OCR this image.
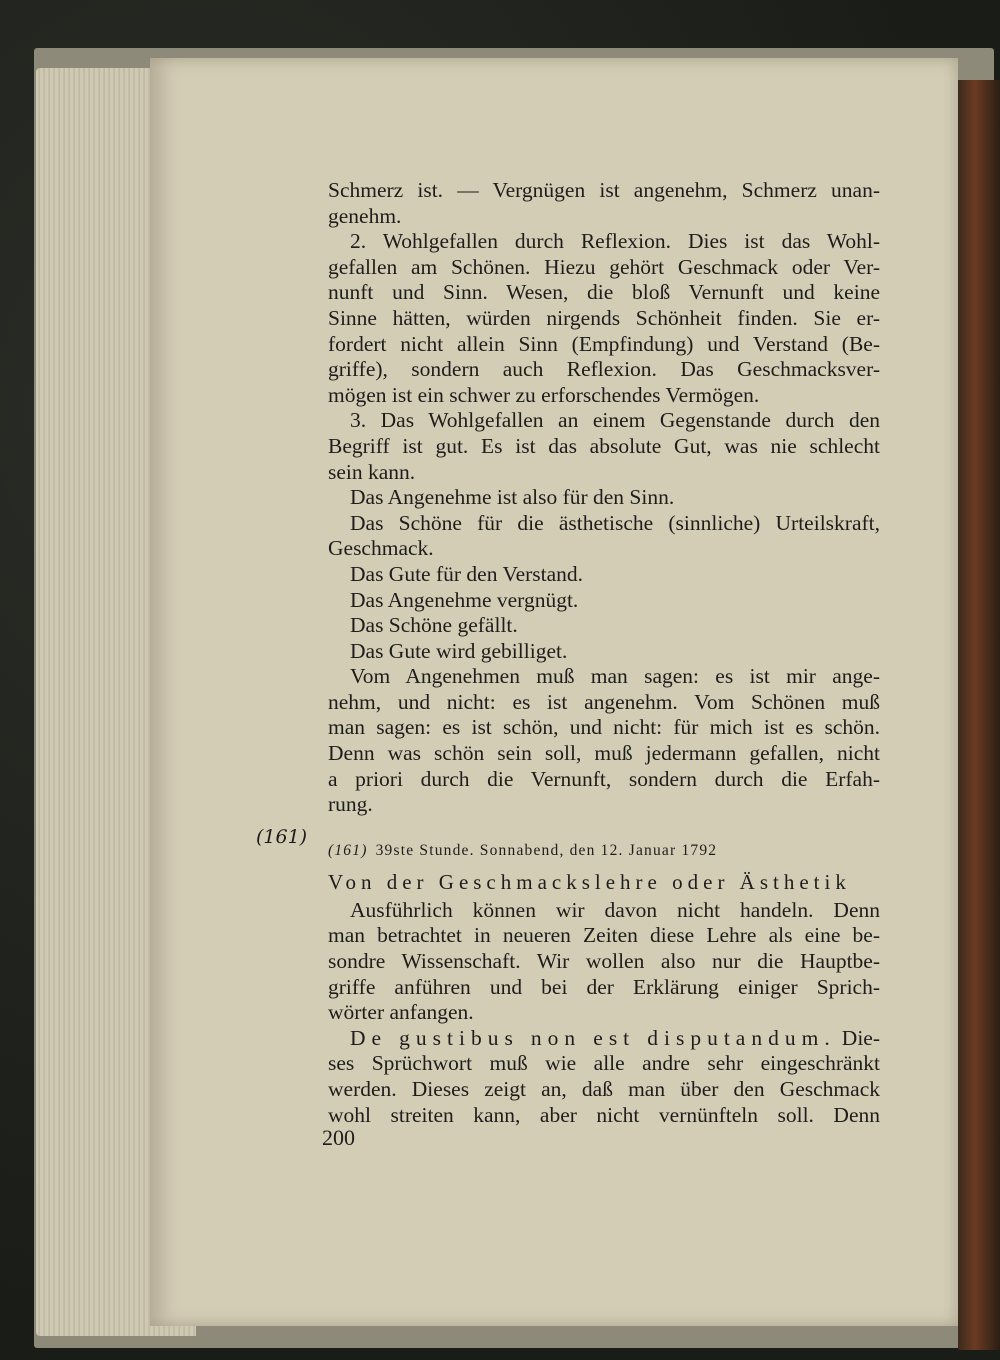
(161)
Schmerz ist. — Vergnügen ist angenehm, Schmerz unan-
genehm.
2. Wohlgefallen durch Reflexion. Dies ist das Wohl-
gefallen am Schönen. Hiezu gehört Geschmack oder Ver-
nunft und Sinn. Wesen, die bloß Vernunft und keine
Sinne hätten, würden nirgends Schönheit finden. Sie er-
fordert nicht allein Sinn (Empfindung) und Verstand (Be-
griffe), sondern auch Reflexion. Das Geschmacksver-
mögen ist ein schwer zu erforschendes Vermögen.
3. Das Wohlgefallen an einem Gegenstande durch den
Begriff ist gut. Es ist das absolute Gut, was nie schlecht
sein kann.
Das Angenehme ist also für den Sinn.
Das Schöne für die ästhetische (sinnliche) Urteilskraft,
Geschmack.
Das Gute für den Verstand.
Das Angenehme vergnügt.
Das Schöne gefällt.
Das Gute wird gebilliget.
Vom Angenehmen muß man sagen: es ist mir ange-
nehm, und nicht: es ist angenehm. Vom Schönen muß
man sagen: es ist schön, und nicht: für mich ist es schön.
Denn was schön sein soll, muß jedermann gefallen, nicht
a priori durch die Vernunft, sondern durch die Erfah-
rung.
(161) 39ste Stunde. Sonnabend, den 12. Januar 1792
Von der Geschmackslehre oder Ästhetik
Ausführlich können wir davon nicht handeln. Denn
man betrachtet in neueren Zeiten diese Lehre als eine be-
sondre Wissenschaft. Wir wollen also nur die Hauptbe-
griffe anführen und bei der Erklärung einiger Sprich-
wörter anfangen.
De gustibus non est disputandum. Die-
ses Sprüchwort muß wie alle andre sehr eingeschränkt
werden. Dieses zeigt an, daß man über den Geschmack
wohl streiten kann, aber nicht vernünfteln soll. Denn
200
